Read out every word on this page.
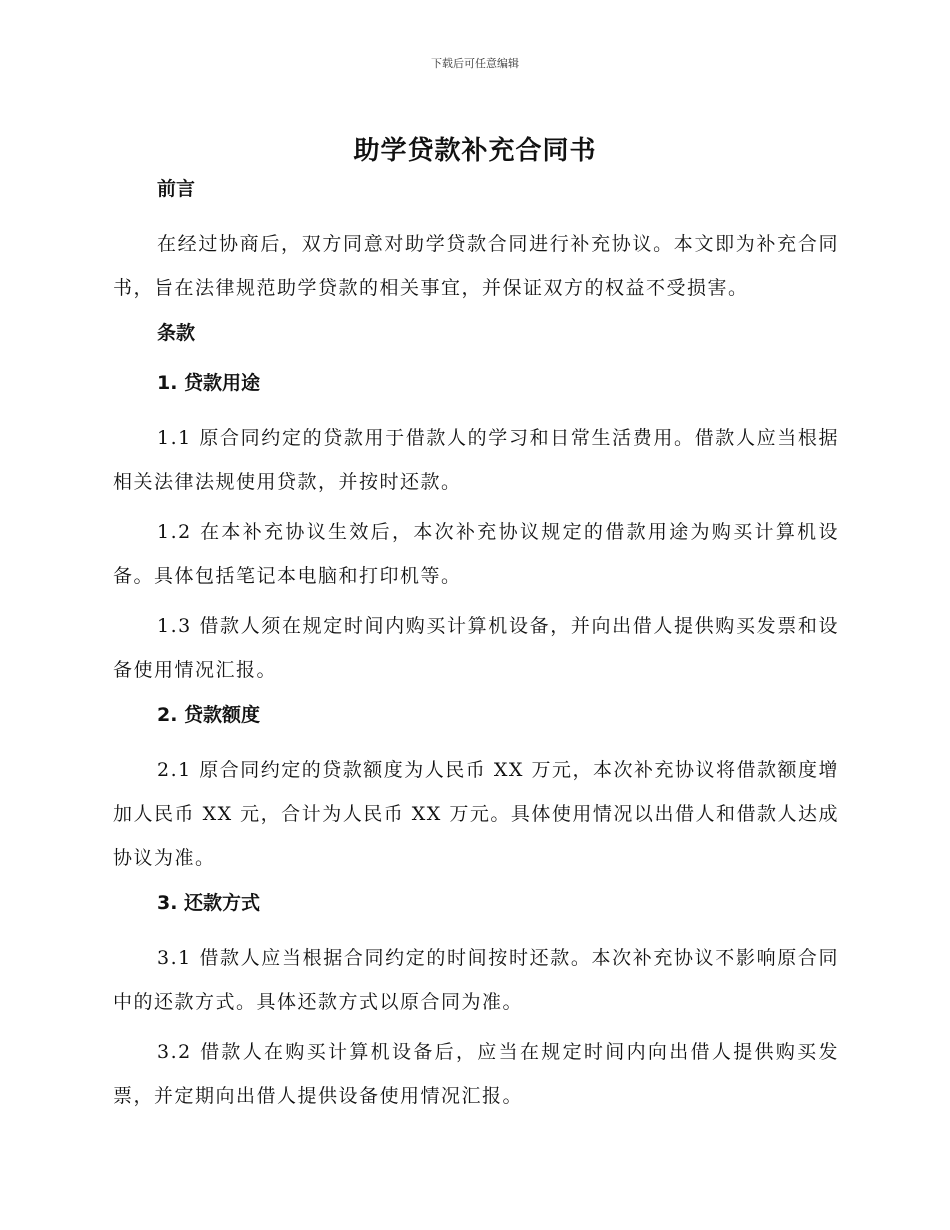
下载后可任意编辑
助学贷款补充合同书
前言
在经过协商后，双方同意对助学贷款合同进行补充协议。本文即为补充合同书，旨在法律规范助学贷款的相关事宜，并保证双方的权益不受损害。
条款
1. 贷款用途
1.1 原合同约定的贷款用于借款人的学习和日常生活费用。借款人应当根据相关法律法规使用贷款，并按时还款。
1.2 在本补充协议生效后，本次补充协议规定的借款用途为购买计算机设备。具体包括笔记本电脑和打印机等。
1.3 借款人须在规定时间内购买计算机设备，并向出借人提供购买发票和设备使用情况汇报。
2. 贷款额度
2.1 原合同约定的贷款额度为人民币 XX 万元，本次补充协议将借款额度增加人民币 XX 元，合计为人民币 XX 万元。具体使用情况以出借人和借款人达成协议为准。
3. 还款方式
3.1 借款人应当根据合同约定的时间按时还款。本次补充协议不影响原合同中的还款方式。具体还款方式以原合同为准。
3.2 借款人在购买计算机设备后，应当在规定时间内向出借人提供购买发票，并定期向出借人提供设备使用情况汇报。
